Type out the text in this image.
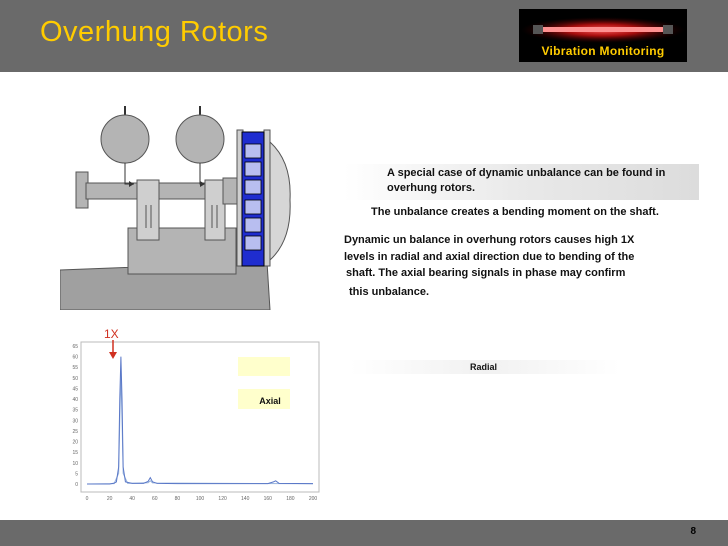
Overhung Rotors
Vibration Monitoring
A special case of dynamic unbalance can be found in
overhung rotors.
The unbalance creates a bending moment on the shaft.
Dynamic un balance in overhung rotors causes high 1X
levels in radial and axial direction due to bending of the
shaft. The axial bearing signals in phase may confirm
this unbalance.
0
5
10
15
20
25
30
35
40
45
50
55
60
65
0	20	40	60	80	100	120	140	160	180	200
1X
Axial
Radial
8
